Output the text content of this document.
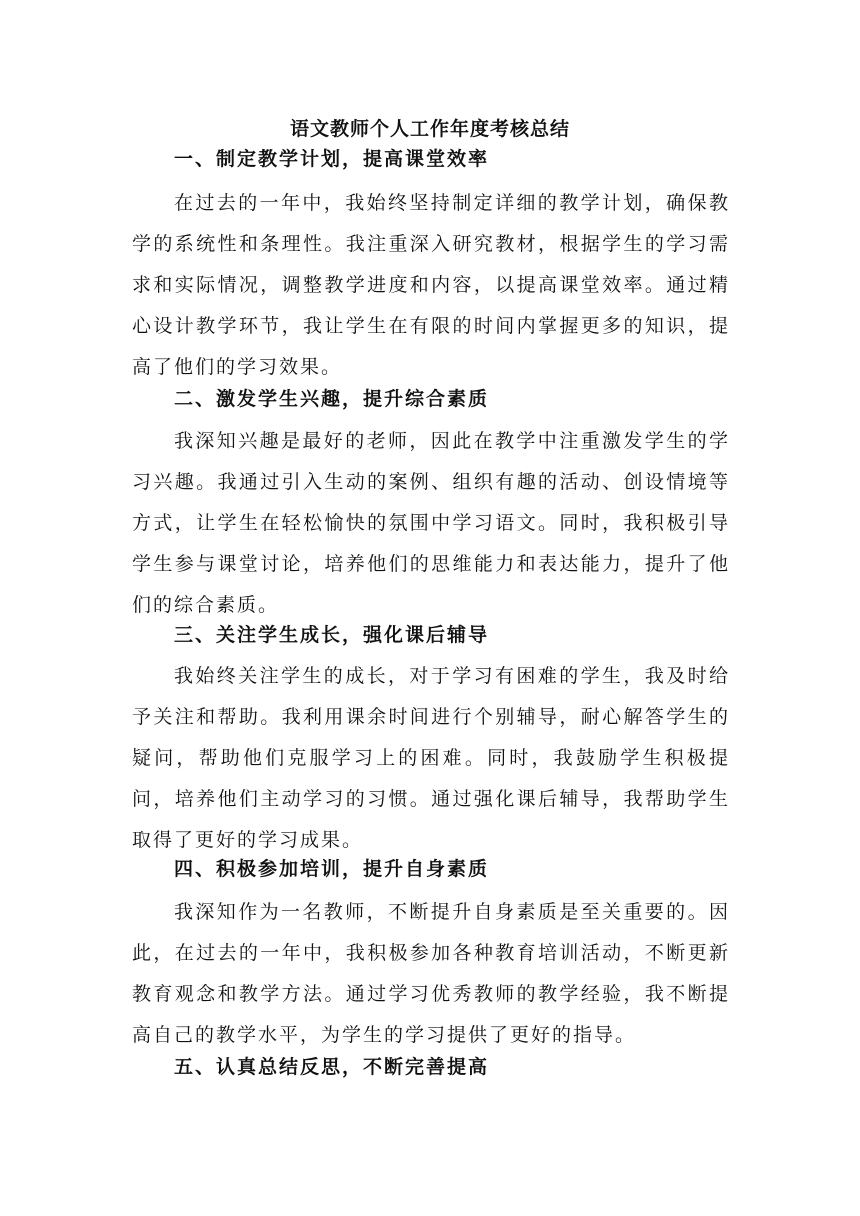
语文教师个人工作年度考核总结
一、制定教学计划，提高课堂效率

在过去的一年中，我始终坚持制定详细的教学计划，确保教学的系统性和条理性。我注重深入研究教材，根据学生的学习需求和实际情况，调整教学进度和内容，以提高课堂效率。通过精心设计教学环节，我让学生在有限的时间内掌握更多的知识，提高了他们的学习效果。

二、激发学生兴趣，提升综合素质

我深知兴趣是最好的老师，因此在教学中注重激发学生的学习兴趣。我通过引入生动的案例、组织有趣的活动、创设情境等方式，让学生在轻松愉快的氛围中学习语文。同时，我积极引导学生参与课堂讨论，培养他们的思维能力和表达能力，提升了他们的综合素质。

三、关注学生成长，强化课后辅导

我始终关注学生的成长，对于学习有困难的学生，我及时给予关注和帮助。我利用课余时间进行个别辅导，耐心解答学生的疑问，帮助他们克服学习上的困难。同时，我鼓励学生积极提问，培养他们主动学习的习惯。通过强化课后辅导，我帮助学生取得了更好的学习成果。

四、积极参加培训，提升自身素质

我深知作为一名教师，不断提升自身素质是至关重要的。因此，在过去的一年中，我积极参加各种教育培训活动，不断更新教育观念和教学方法。通过学习优秀教师的教学经验，我不断提高自己的教学水平，为学生的学习提供了更好的指导。

五、认真总结反思，不断完善提高
